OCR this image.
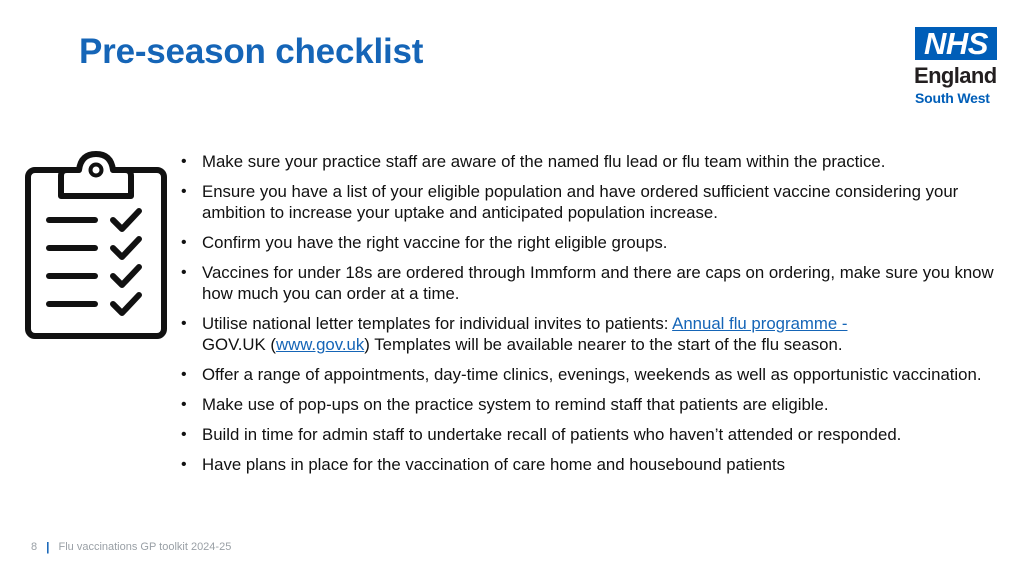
Pre-season checklist	NHS
England
South West
• Make sure your practice staff are aware of the named flu lead or flu team within the practice.
• Ensure you have a list of your eligible population and have ordered sufficient vaccine considering your ambition to increase your uptake and anticipated population increase.
• Confirm you have the right vaccine for the right eligible groups.
• Vaccines for under 18s are ordered through Immform and there are caps on ordering, make sure you know how much you can order at a time.
• Utilise national letter templates for individual invites to patients: Annual flu programme -
GOV.UK (www.gov.uk) Templates will be available nearer to the start of the flu season.
• Offer a range of appointments, day-time clinics, evenings, weekends as well as opportunistic vaccination.
• Make use of pop-ups on the practice system to remind staff that patients are eligible.
• Build in time for admin staff to undertake recall of patients who haven’t attended or responded.
• Have plans in place for the vaccination of care home and housebound patients
8 | Flu vaccinations GP toolkit 2024-25
